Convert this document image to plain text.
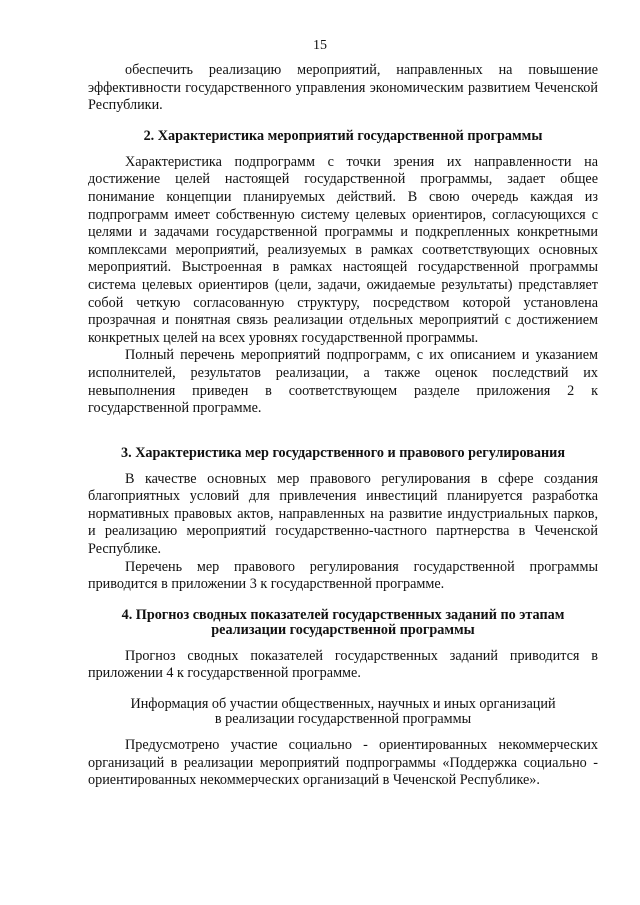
15

обеспечить реализацию мероприятий, направленных на повышение эффективности государственного управления экономическим развитием Чеченской Республики.

2. Характеристика мероприятий государственной программы

Характеристика подпрограмм с точки зрения их направленности на достижение целей настоящей государственной программы, задает общее понимание концепции планируемых действий. В свою очередь каждая из подпрограмм имеет собственную систему целевых ориентиров, согласующихся с целями и задачами государственной программы и подкрепленных конкретными комплексами мероприятий, реализуемых в рамках соответствующих основных мероприятий. Выстроенная в рамках настоящей государственной программы система целевых ориентиров (цели, задачи, ожидаемые результаты) представляет собой четкую согласованную структуру, посредством которой установлена прозрачная и понятная связь реализации отдельных мероприятий с достижением конкретных целей на всех уровнях государственной программы.

Полный перечень мероприятий подпрограмм, с их описанием и указанием исполнителей, результатов реализации, а также оценок последствий их невыполнения приведен в соответствующем разделе приложения 2 к государственной программе.

3. Характеристика мер государственного и правового регулирования

В качестве основных мер правового регулирования в сфере создания благоприятных условий для привлечения инвестиций планируется разработка нормативных правовых актов, направленных на развитие индустриальных парков, и реализацию мероприятий государственно-частного партнерства в Чеченской Республике.

Перечень мер правового регулирования государственной программы приводится в приложении 3 к государственной программе.

4. Прогноз сводных показателей государственных заданий по этапам
реализации государственной программы

Прогноз сводных показателей государственных заданий приводится в приложении 4 к государственной программе.

Информация об участии общественных, научных и иных организаций
в реализации государственной программы

Предусмотрено участие социально - ориентированных некоммерческих организаций в реализации мероприятий подпрограммы «Поддержка социально - ориентированных некоммерческих организаций в Чеченской Республике».
